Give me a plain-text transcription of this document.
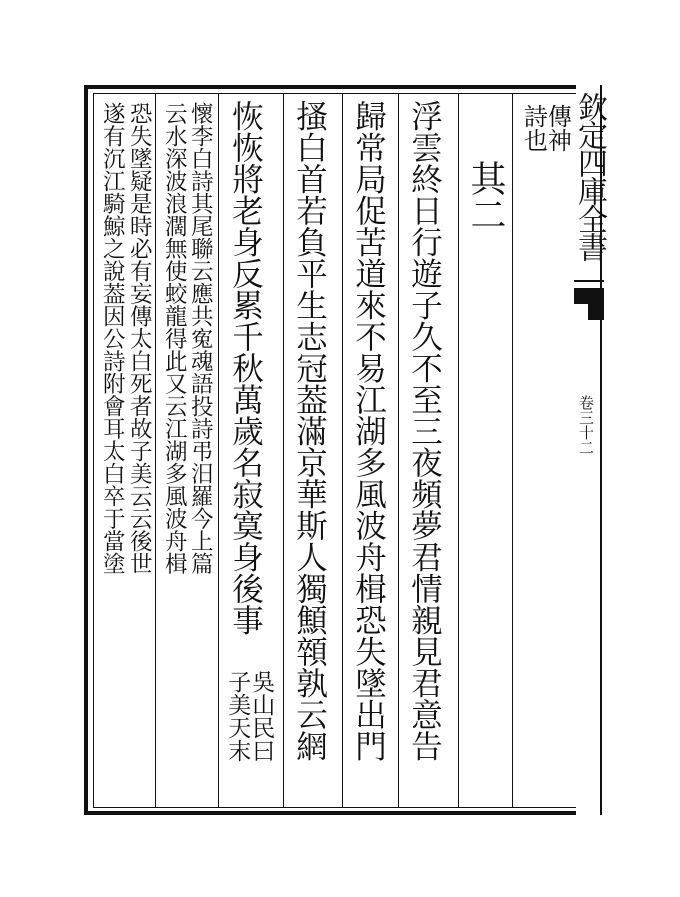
欽定四庫全書
卷三十二
傳神
詩也
其二
浮雲終日行遊子久不至三夜頻夢君情親見君意告
歸常局促苦道來不易江湖多風波舟楫恐失墜出門
搔白首若負平生志冠葢滿京華斯人獨顦顇孰云網
恢恢將老身反累千秋萬歲名寂寞身後事
吳山民曰
子美天末
懷李白詩其尾聯云應共寃魂語投詩弔汨羅今上篇
云水深波浪濶無使蛟龍得此又云江湖多風波舟楫
恐失墜疑是時必有妄傳太白死者故子美云云後世
遂有沉江騎鯨之說葢因公詩附會耳太白卒于當塗
